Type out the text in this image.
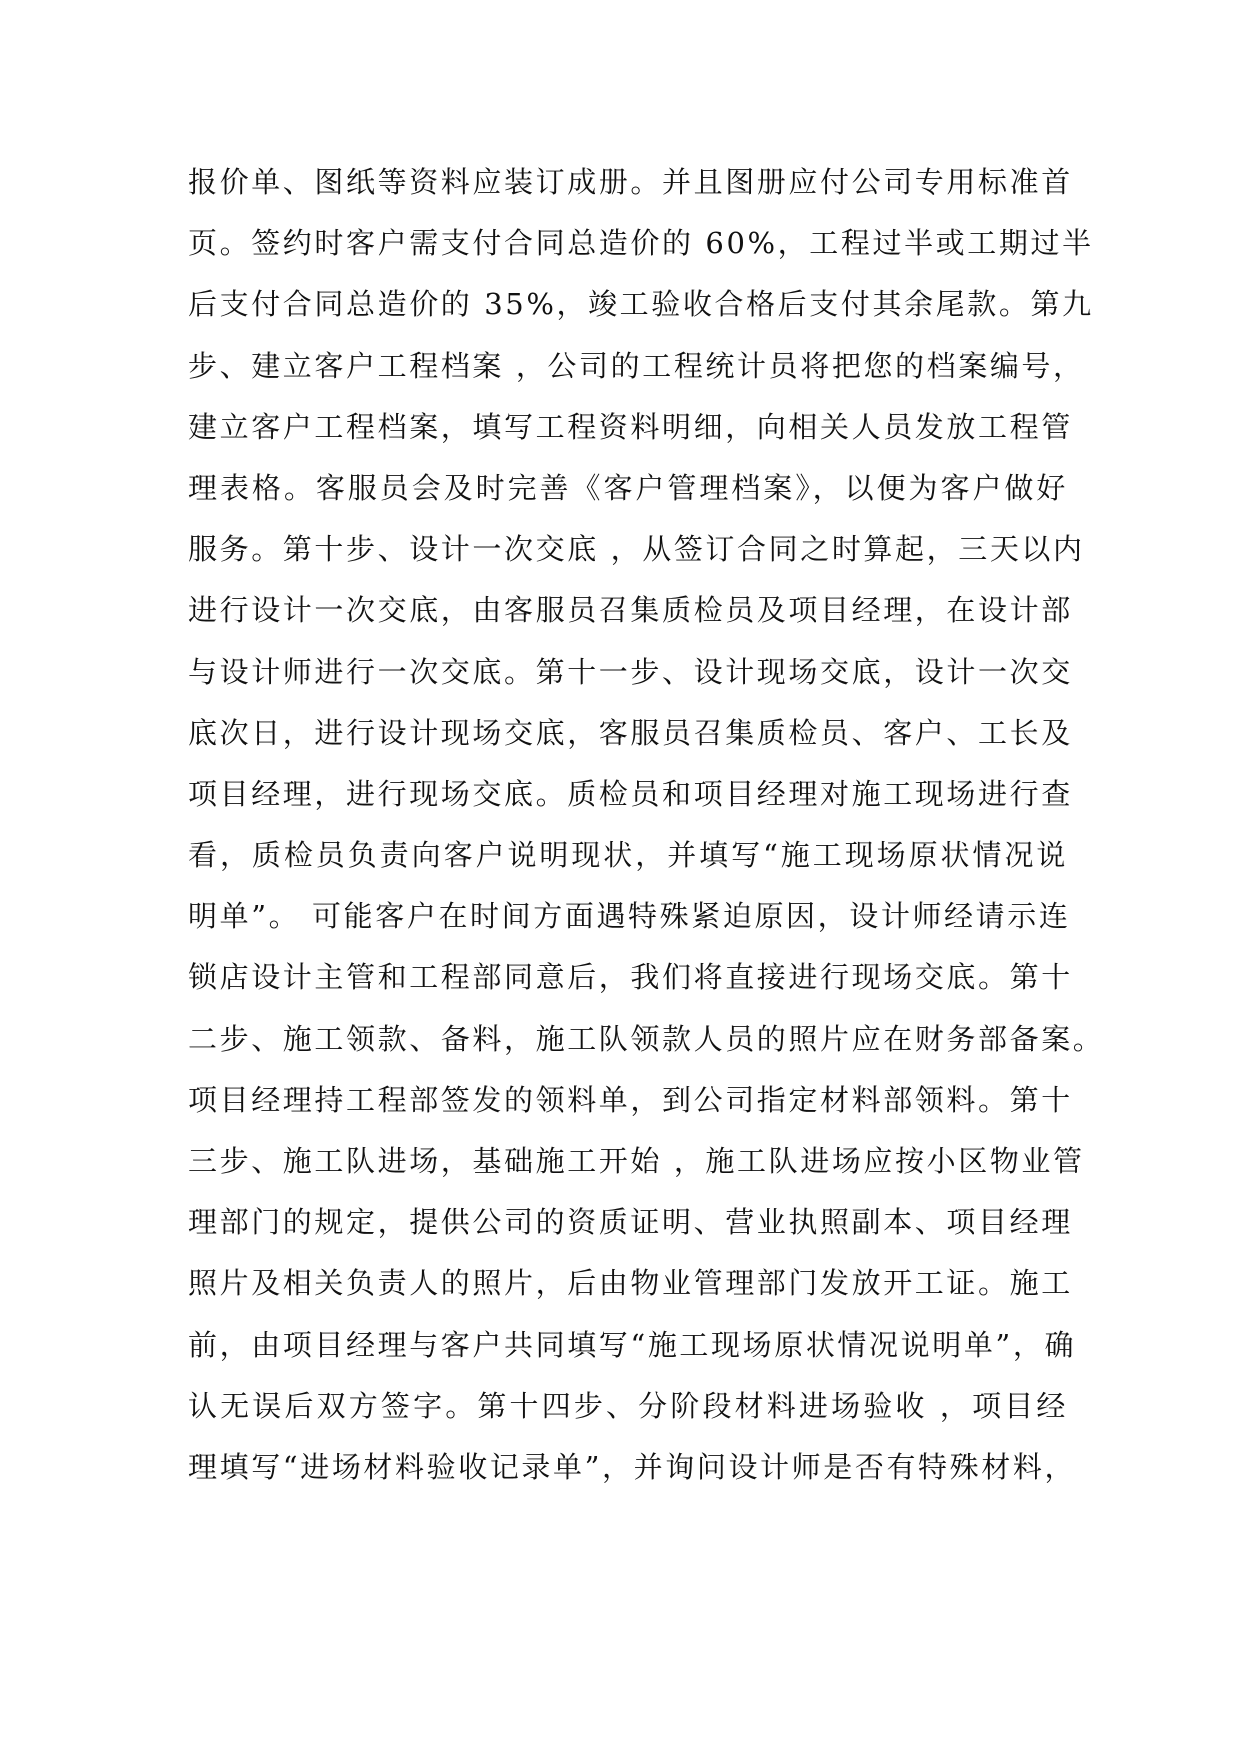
报价单、图纸等资料应装订成册。并且图册应付公司专用标准首
页。签约时客户需支付合同总造价的 60%，工程过半或工期过半
后支付合同总造价的 35%，竣工验收合格后支付其余尾款。第九
步、建立客户工程档案 ，公司的工程统计员将把您的档案编号，
建立客户工程档案，填写工程资料明细，向相关人员发放工程管
理表格。客服员会及时完善《客户管理档案》，以便为客户做好
服务。第十步、设计一次交底 ，从签订合同之时算起，三天以内
进行设计一次交底，由客服员召集质检员及项目经理，在设计部
与设计师进行一次交底。第十一步、设计现场交底，设计一次交
底次日，进行设计现场交底，客服员召集质检员、客户、工长及
项目经理，进行现场交底。质检员和项目经理对施工现场进行查
看，质检员负责向客户说明现状，并填写“施工现场原状情况说
明单”。 可能客户在时间方面遇特殊紧迫原因，设计师经请示连
锁店设计主管和工程部同意后，我们将直接进行现场交底。第十
二步、施工领款、备料，施工队领款人员的照片应在财务部备案。
项目经理持工程部签发的领料单，到公司指定材料部领料。第十
三步、施工队进场，基础施工开始 ，施工队进场应按小区物业管
理部门的规定，提供公司的资质证明、营业执照副本、项目经理
照片及相关负责人的照片，后由物业管理部门发放开工证。施工
前，由项目经理与客户共同填写“施工现场原状情况说明单”，确
认无误后双方签字。第十四步、分阶段材料进场验收 ，项目经
理填写“进场材料验收记录单”，并询问设计师是否有特殊材料，
